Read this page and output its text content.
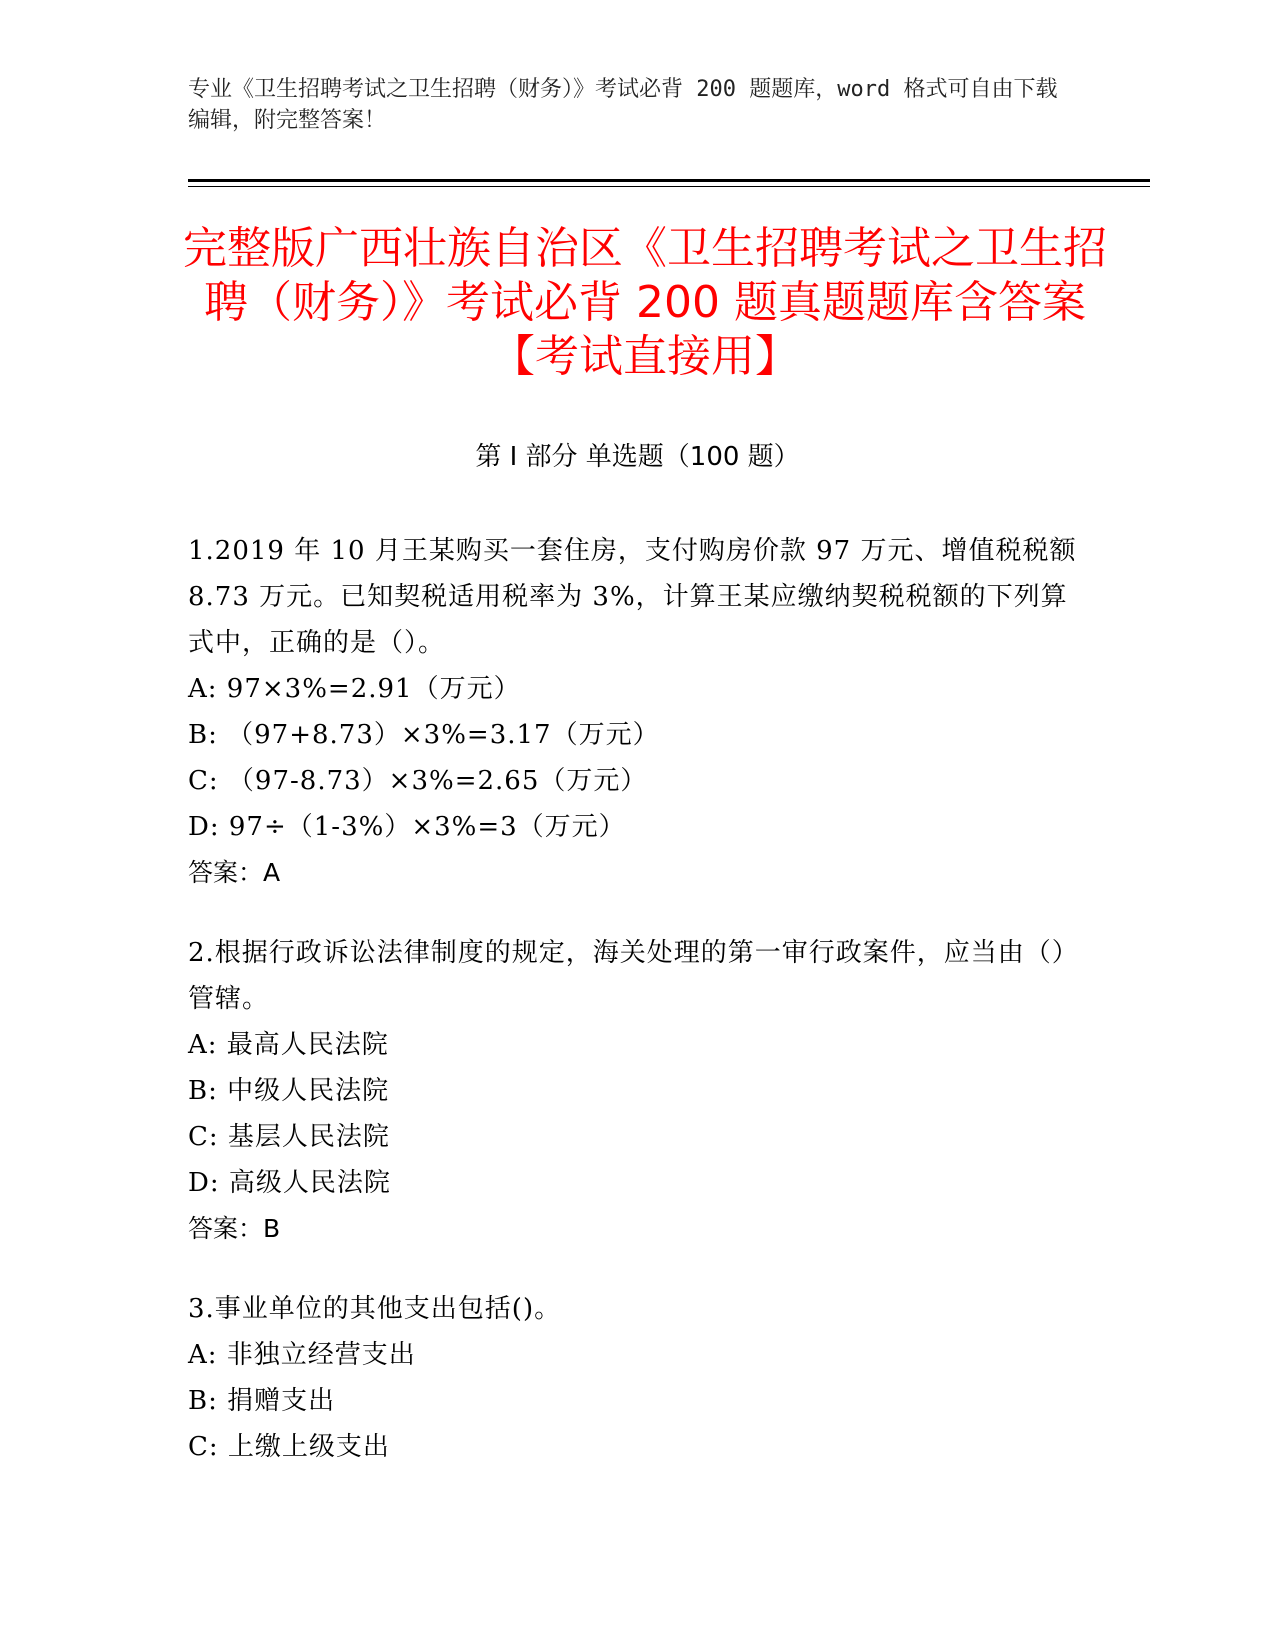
专业《卫生招聘考试之卫生招聘（财务）》考试必背 200 题题库，word 格式可自由下载编辑，附完整答案！
完整版广西壮族自治区《卫生招聘考试之卫生招聘（财务）》考试必背 200 题真题题库含答案【考试直接用】
第 I 部分 单选题（100 题）
1.2019 年 10 月王某购买一套住房，支付购房价款 97 万元、增值税税额 8.73 万元。已知契税适用税率为 3%，计算王某应缴纳契税税额的下列算式中，正确的是（）。
A: 97×3%=2.91（万元）
B: （97+8.73）×3%=3.17（万元）
C: （97-8.73）×3%=2.65（万元）
D: 97÷（1-3%）×3%=3（万元）
答案：A
2.根据行政诉讼法律制度的规定，海关处理的第一审行政案件，应当由（）管辖。
A: 最高人民法院
B: 中级人民法院
C: 基层人民法院
D: 高级人民法院
答案：B
3.事业单位的其他支出包括()。
A: 非独立经营支出
B: 捐赠支出
C: 上缴上级支出
